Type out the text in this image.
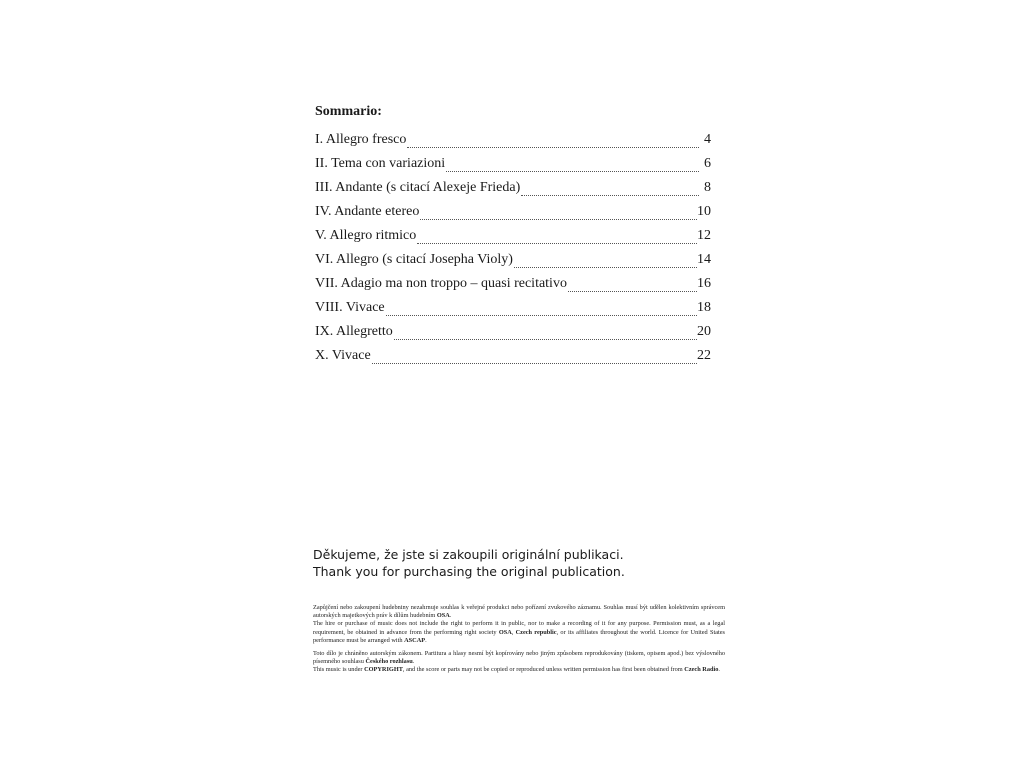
Sommario:
I. Allegro fresco	4
II. Tema con variazioni	6
III. Andante (s citací Alexeje Frieda)	8
IV. Andante etereo	10
V. Allegro ritmico	12
VI. Allegro (s citací Josepha Violy)	14
VII. Adagio ma non troppo – quasi recitativo	16
VIII. Vivace	18
IX. Allegretto	20
X. Vivace	22

Děkujeme, že jste si zakoupili originální publikaci.

Thank you for purchasing the original publication.

Zapůjčení nebo zakoupení hudebniny nezahrnuje souhlas k veřejné produkci nebo pořízení zvukového záznamu. Souhlas musí být udělen kolektivním správcem autorských majetkových práv k dílům hudebním OSA.

The hire or purchase of music does not include the right to perform it in public, nor to make a recording of it for any purpose. Permission must, as a legal requirement, be obtained in advance from the performing right society OSA, Czech republic, or its affiliates throughout the world. Licence for United States performance must be arranged with ASCAP.

Toto dílo je chráněno autorským zákonem. Partitura a hlasy nesmí být kopírovány nebo jiným způsobem reprodukovány (tiskem, opisem apod.) bez výslovného písemného souhlasu Českého rozhlasu.

This music is under COPYRIGHT, and the score or parts may not be copied or reproduced unless written permission has first been obtained from Czech Radio.
